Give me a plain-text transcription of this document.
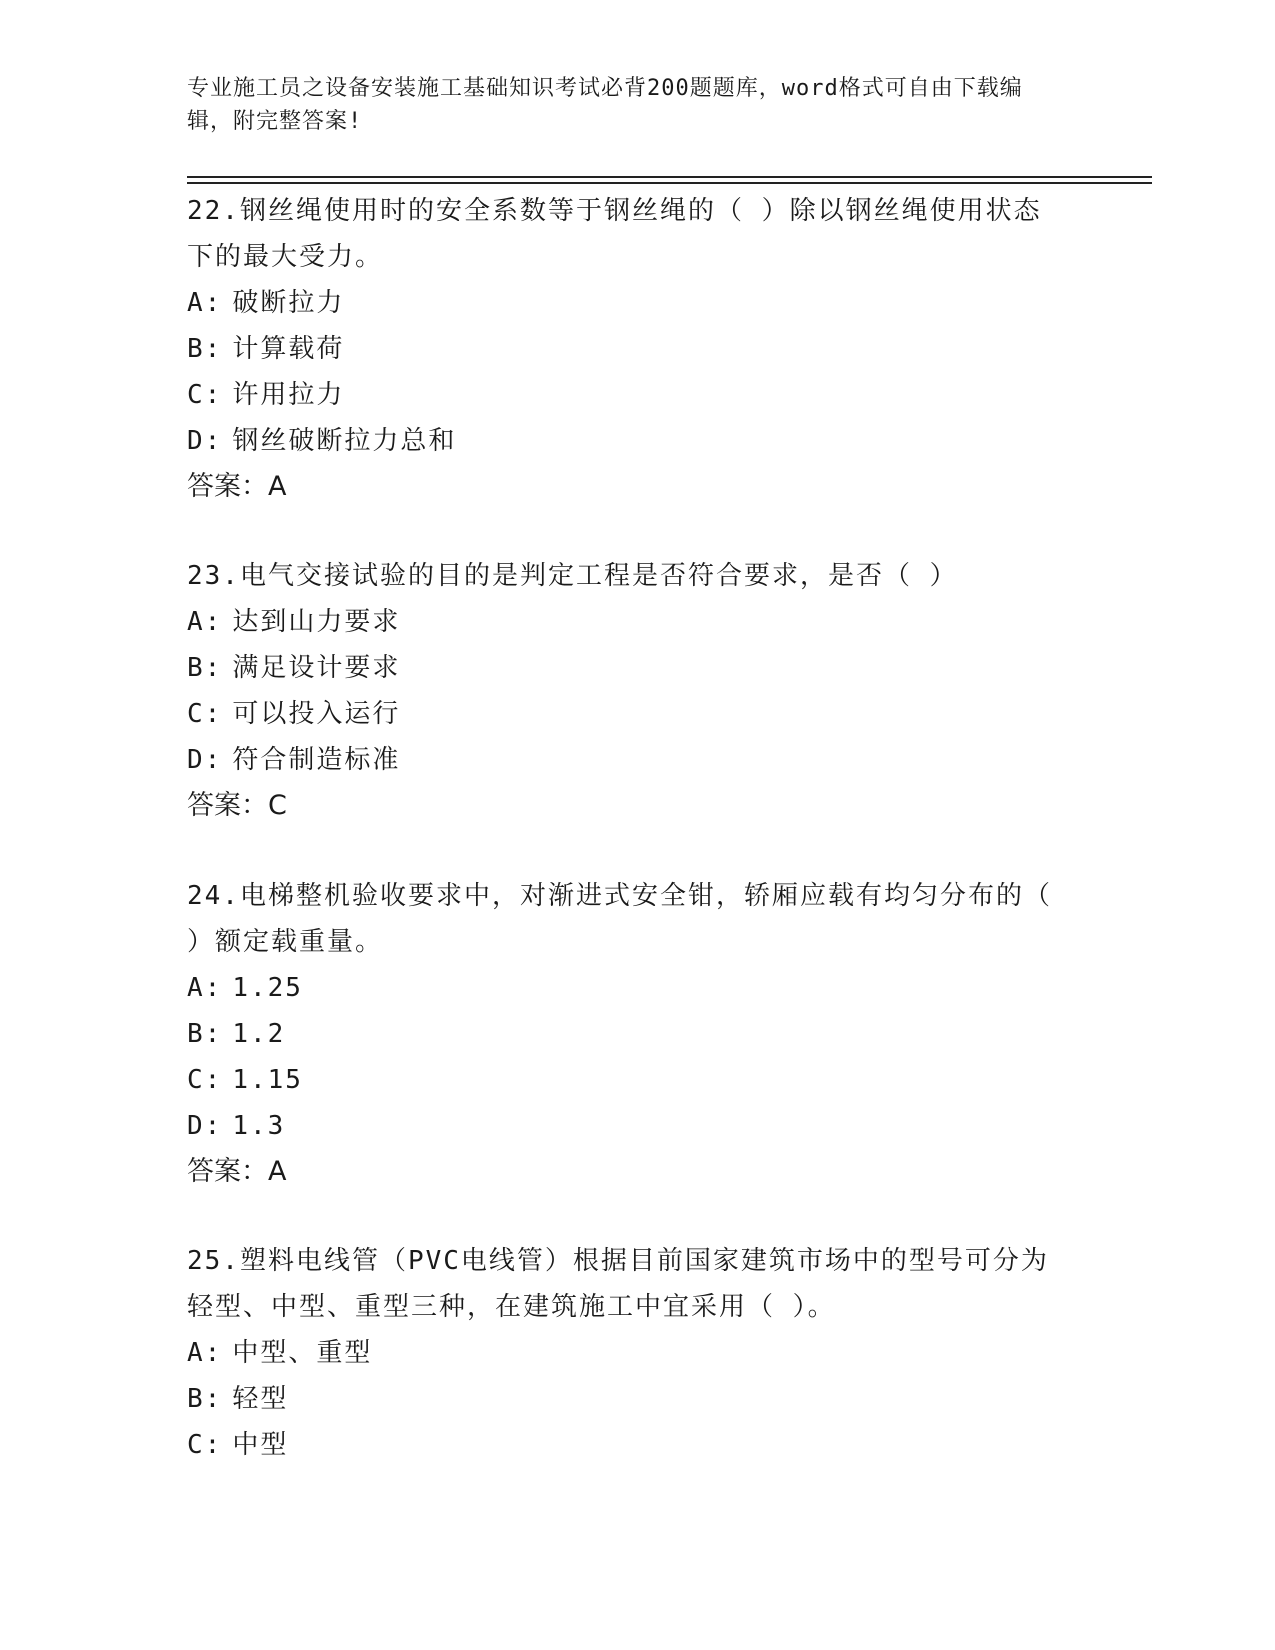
专业施工员之设备安装施工基础知识考试必背200题题库，word格式可自由下载编辑，附完整答案!

22.钢丝绳使用时的安全系数等于钢丝绳的（ ）除以钢丝绳使用状态
下的最大受力。

A: 破断拉力

B: 计算载荷

C: 许用拉力

D: 钢丝破断拉力总和

答案：A

23.电气交接试验的目的是判定工程是否符合要求，是否（ ）

A: 达到山力要求

B: 满足设计要求

C: 可以投入运行

D: 符合制造标准

答案：C

24.电梯整机验收要求中，对渐进式安全钳，轿厢应载有均匀分布的（
）额定载重量。

A: 1.25

B: 1.2

C: 1.15

D: 1.3

答案：A

25.塑料电线管（PVC电线管）根据目前国家建筑市场中的型号可分为
轻型、中型、重型三种，在建筑施工中宜采用（ ）。

A: 中型、重型

B: 轻型

C: 中型
